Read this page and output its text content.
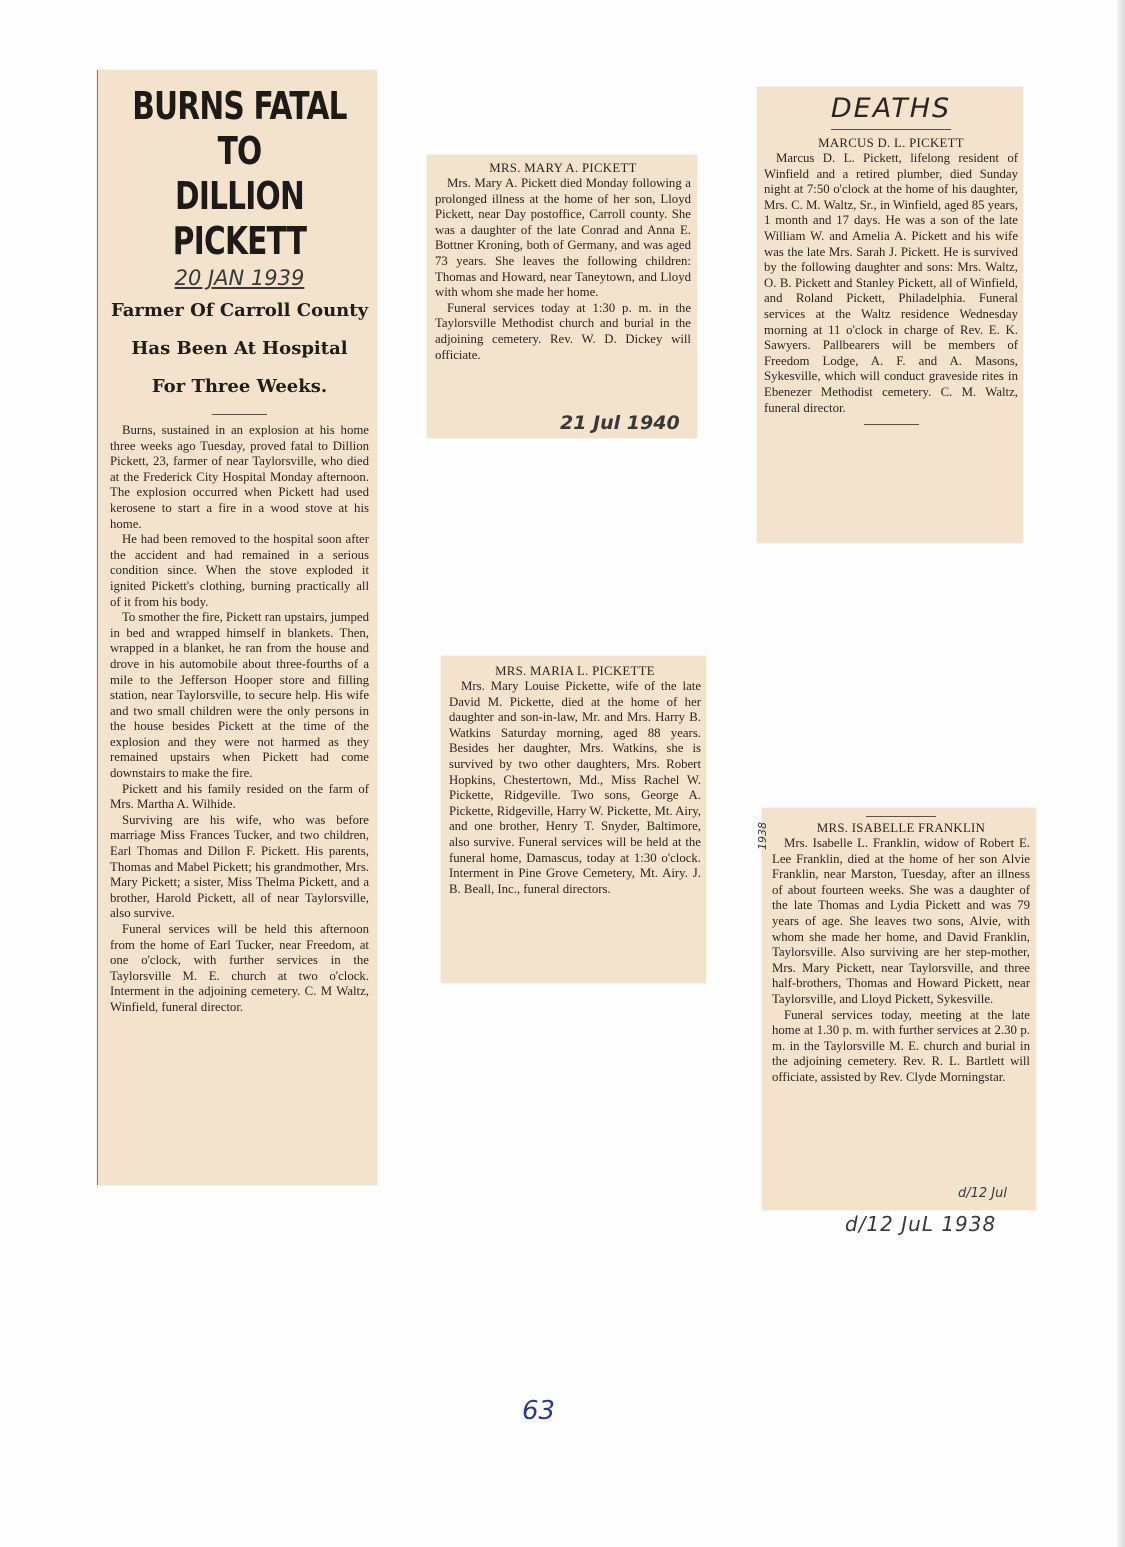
BURNS FATAL TO
DILLION PICKETT
20 JAN 1939
Farmer Of Carroll County
Has Been At Hospital
For Three Weeks.

Burns, sustained in an explosion at his home three weeks ago Tuesday, proved fatal to Dillion Pickett, 23, farmer of near Taylorsville, who died at the Frederick City Hospital Monday afternoon. The explosion occurred when Pickett had used kerosene to start a fire in a wood stove at his home.

He had been removed to the hospital soon after the accident and had remained in a serious condition since. When the stove exploded it ignited Pickett's clothing, burning practically all of it from his body.

To smother the fire, Pickett ran upstairs, jumped in bed and wrapped himself in blankets. Then, wrapped in a blanket, he ran from the house and drove in his automobile about three-fourths of a mile to the Jefferson Hooper store and filling station, near Taylorsville, to secure help. His wife and two small children were the only persons in the house besides Pickett at the time of the explosion and they were not harmed as they remained upstairs when Pickett had come downstairs to make the fire.

Pickett and his family resided on the farm of Mrs. Martha A. Wilhide.

Surviving are his wife, who was before marriage Miss Frances Tucker, and two children, Earl Thomas and Dillon F. Pickett. His parents, Thomas and Mabel Pickett; his grandmother, Mrs. Mary Pickett; a sister, Miss Thelma Pickett, and a brother, Harold Pickett, all of near Taylorsville, also survive.

Funeral services will be held this afternoon from the home of Earl Tucker, near Freedom, at one o'clock, with further services in the Taylorsville M. E. church at two o'clock. Interment in the adjoining cemetery. C. M Waltz, Winfield, funeral director.

MRS. MARY A. PICKETT

Mrs. Mary A. Pickett died Monday following a prolonged illness at the home of her son, Lloyd Pickett, near Day postoffice, Carroll county. She was a daughter of the late Conrad and Anna E. Bottner Kroning, both of Germany, and was aged 73 years. She leaves the following children: Thomas and Howard, near Taneytown, and Lloyd with whom she made her home.

Funeral services today at 1:30 p. m. in the Taylorsville Methodist church and burial in the adjoining cemetery. Rev. W. D. Dickey will officiate.

21 Jul 1940
DEATHS
MARCUS D. L. PICKETT

Marcus D. L. Pickett, lifelong resident of Winfield and a retired plumber, died Sunday night at 7:50 o'clock at the home of his daughter, Mrs. C. M. Waltz, Sr., in Winfield, aged 85 years, 1 month and 17 days. He was a son of the late William W. and Amelia A. Pickett and his wife was the late Mrs. Sarah J. Pickett. He is survived by the following daughter and sons: Mrs. Waltz, O. B. Pickett and Stanley Pickett, all of Winfield, and Roland Pickett, Philadelphia. Funeral services at the Waltz residence Wednesday morning at 11 o'clock in charge of Rev. E. K. Sawyers. Pallbearers will be members of Freedom Lodge, A. F. and A. Masons, Sykesville, which will conduct graveside rites in Ebenezer Methodist cemetery. C. M. Waltz, funeral director.

MRS. MARIA L. PICKETTE

Mrs. Mary Louise Pickette, wife of the late David M. Pickette, died at the home of her daughter and son-in-law, Mr. and Mrs. Harry B. Watkins Saturday morning, aged 88 years. Besides her daughter, Mrs. Watkins, she is survived by two other daughters, Mrs. Robert Hopkins, Chestertown, Md., Miss Rachel W. Pickette, Ridgeville. Two sons, George A. Pickette, Ridgeville, Harry W. Pickette, Mt. Airy, and one brother, Henry T. Snyder, Baltimore, also survive. Funeral services will be held at the funeral home, Damascus, today at 1:30 o'clock. Interment in Pine Grove Cemetery, Mt. Airy. J. B. Beall, Inc., funeral directors.

MRS. ISABELLE FRANKLIN

Mrs. Isabelle L. Franklin, widow of Robert E. Lee Franklin, died at the home of her son Alvie Franklin, near Marston, Tuesday, after an illness of about fourteen weeks. She was a daughter of the late Thomas and Lydia Pickett and was 79 years of age. She leaves two sons, Alvie, with whom she made her home, and David Franklin, Taylorsville. Also surviving are her step-mother, Mrs. Mary Pickett, near Taylorsville, and three half-brothers, Thomas and Howard Pickett, near Taylorsville, and Lloyd Pickett, Sykesville.

Funeral services today, meeting at the late home at 1.30 p. m. with further services at 2.30 p. m. in the Taylorsville M. E. church and burial in the adjoining cemetery. Rev. R. L. Bartlett will officiate, assisted by Rev. Clyde Morningstar.

1938
d/12 Jul
d/12 JuL 1938
63
